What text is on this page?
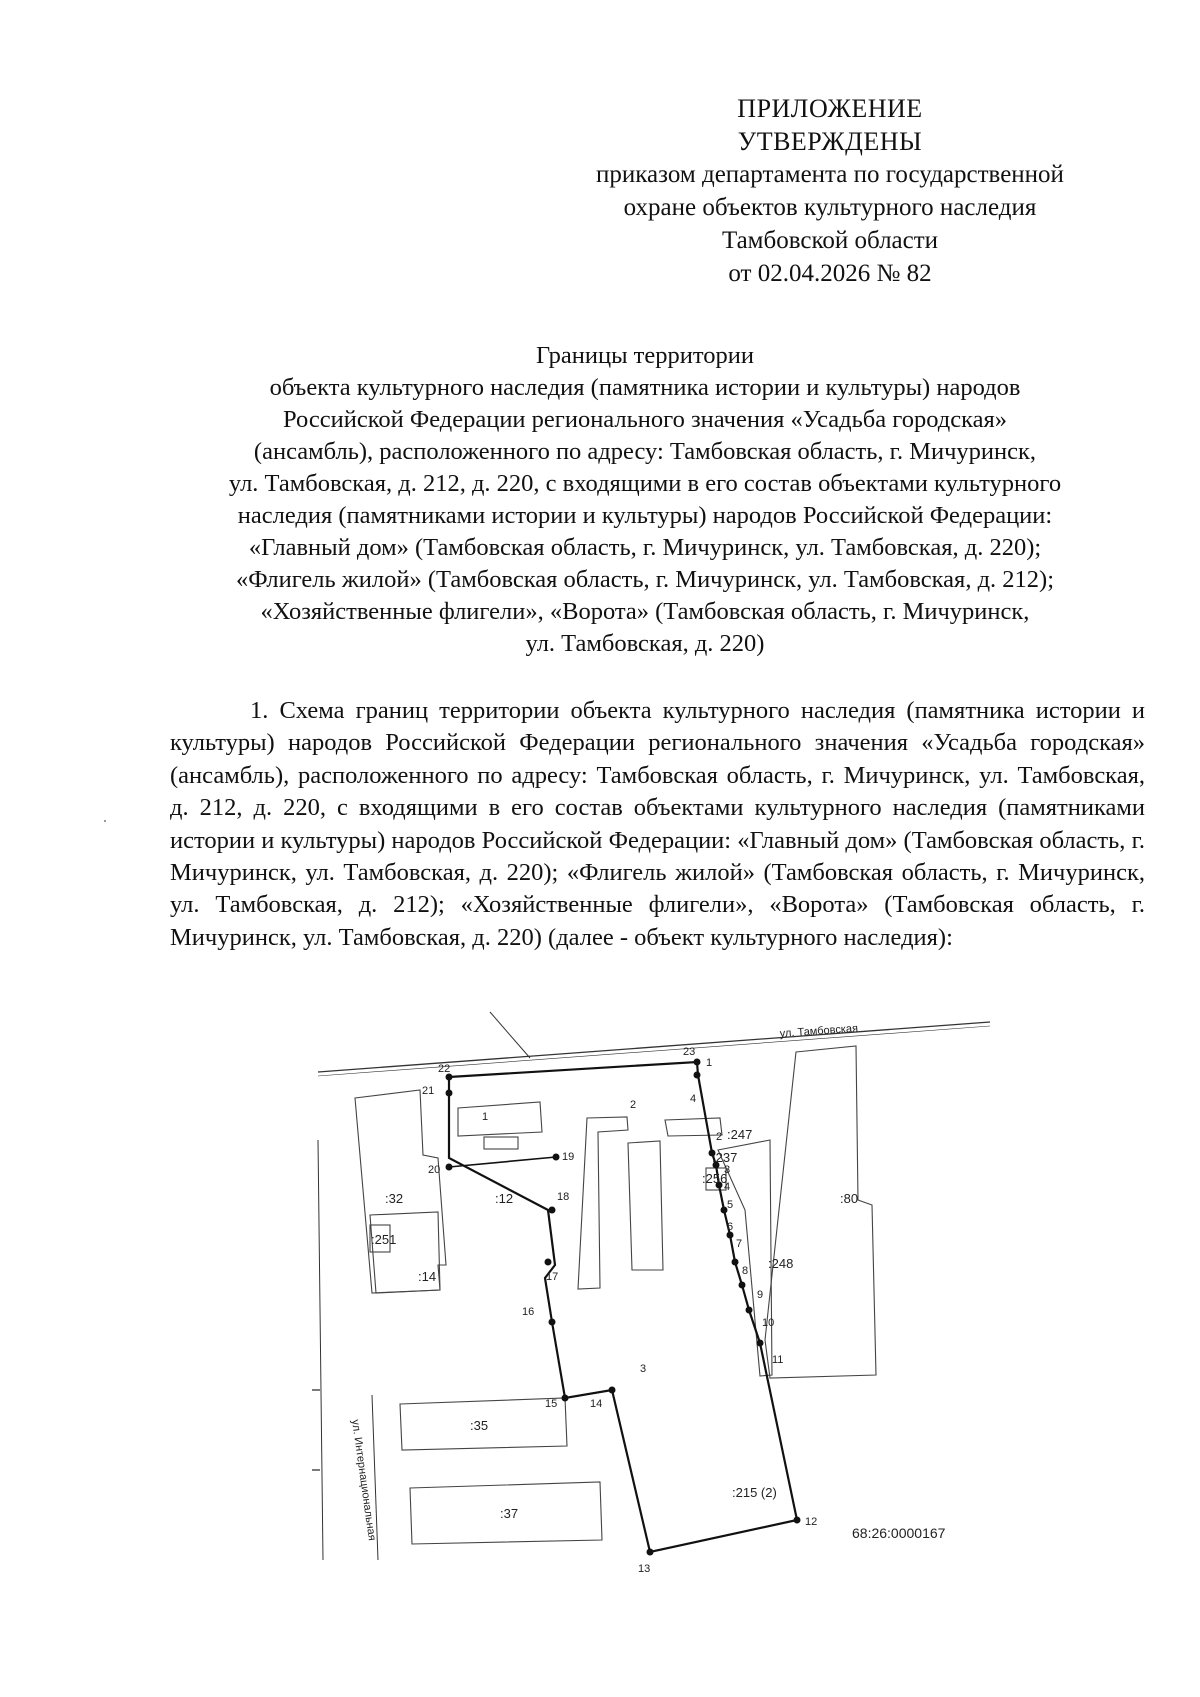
ПРИЛОЖЕНИЕ
УТВЕРЖДЕНЫ
приказом департамента по государственной
охране объектов культурного наследия
Тамбовской области
от 02.04.2026 № 82
Границы территории
объекта культурного наследия (памятника истории и культуры) народов
Российской Федерации регионального значения «Усадьба городская»
(ансамбль), расположенного по адресу: Тамбовская область, г. Мичуринск,
ул. Тамбовская, д. 212, д. 220, с входящими в его состав объектами культурного
наследия (памятниками истории и культуры) народов Российской Федерации:
«Главный дом» (Тамбовская область, г. Мичуринск, ул. Тамбовская, д. 220);
«Флигель жилой» (Тамбовская область, г. Мичуринск, ул. Тамбовская, д. 212);
«Хозяйственные флигели», «Ворота» (Тамбовская область, г. Мичуринск,
ул. Тамбовская, д. 220)
1. Схема границ территории объекта культурного наследия (памятника истории и культуры) народов Российской Федерации регионального значения «Усадьба городская» (ансамбль), расположенного по адресу: Тамбовская область, г. Мичуринск, ул. Тамбовская, д. 212, д. 220, с входящими в его состав объектами культурного наследия (памятниками истории и культуры) народов Российской Федерации: «Главный дом» (Тамбовская область, г. Мичуринск, ул. Тамбовская, д. 220); «Флигель жилой» (Тамбовская область, г. Мичуринск, ул. Тамбовская, д. 212); «Хозяйственные флигели», «Ворота» (Тамбовская область, г. Мичуринск, ул. Тамбовская, д. 220) (далее - объект культурного наследия):
ул. Тамбовская
ул. Интернациональная
:32
:251
:12
:14
:35
:37
:247
:237
:256
:80
:248
:215 (2)
1
2
3
4
1
2
3
4
5
6
7
8
9
10
11
12
13
14
15
16
17
18
19
20
21
22
23
68:26:0000167
